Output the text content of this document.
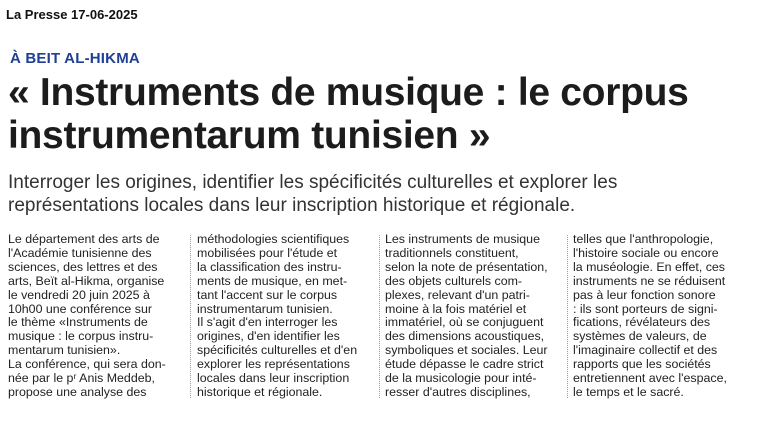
La Presse 17-06-2025
À BEIT AL-HIKMA
« Instruments de musique : le corpus
instrumentarum tunisien »
Interroger les origines, identifier les spécificités culturelles et explorer les
représentations locales dans leur inscription historique et régionale.
Le département des arts de
l'Académie tunisienne des
sciences, des lettres et des
arts, Beït al-Hikma, organise
le vendredi 20 juin 2025 à
10h00 une conférence sur
le thème «Instruments de
musique : le corpus instru-
mentarum tunisien».
La conférence, qui sera don-
née par le pʳ Anis Meddeb,
propose une analyse des
méthodologies scientifiques
mobilisées pour l'étude et
la classification des instru-
ments de musique, en met-
tant l'accent sur le corpus
instrumentarum tunisien.
Il s'agit d'en interroger les
origines, d'en identifier les
spécificités culturelles et d'en
explorer les représentations
locales dans leur inscription
historique et régionale.
Les instruments de musique
traditionnels constituent,
selon la note de présentation,
des objets culturels com-
plexes, relevant d'un patri-
moine à la fois matériel et
immatériel, où se conjuguent
des dimensions acoustiques,
symboliques et sociales. Leur
étude dépasse le cadre strict
de la musicologie pour inté-
resser d'autres disciplines,
telles que l'anthropologie,
l'histoire sociale ou encore
la muséologie. En effet, ces
instruments ne se réduisent
pas à leur fonction sonore
: ils sont porteurs de signi-
fications, révélateurs des
systèmes de valeurs, de
l'imaginaire collectif et des
rapports que les sociétés
entretiennent avec l'espace,
le temps et le sacré.
